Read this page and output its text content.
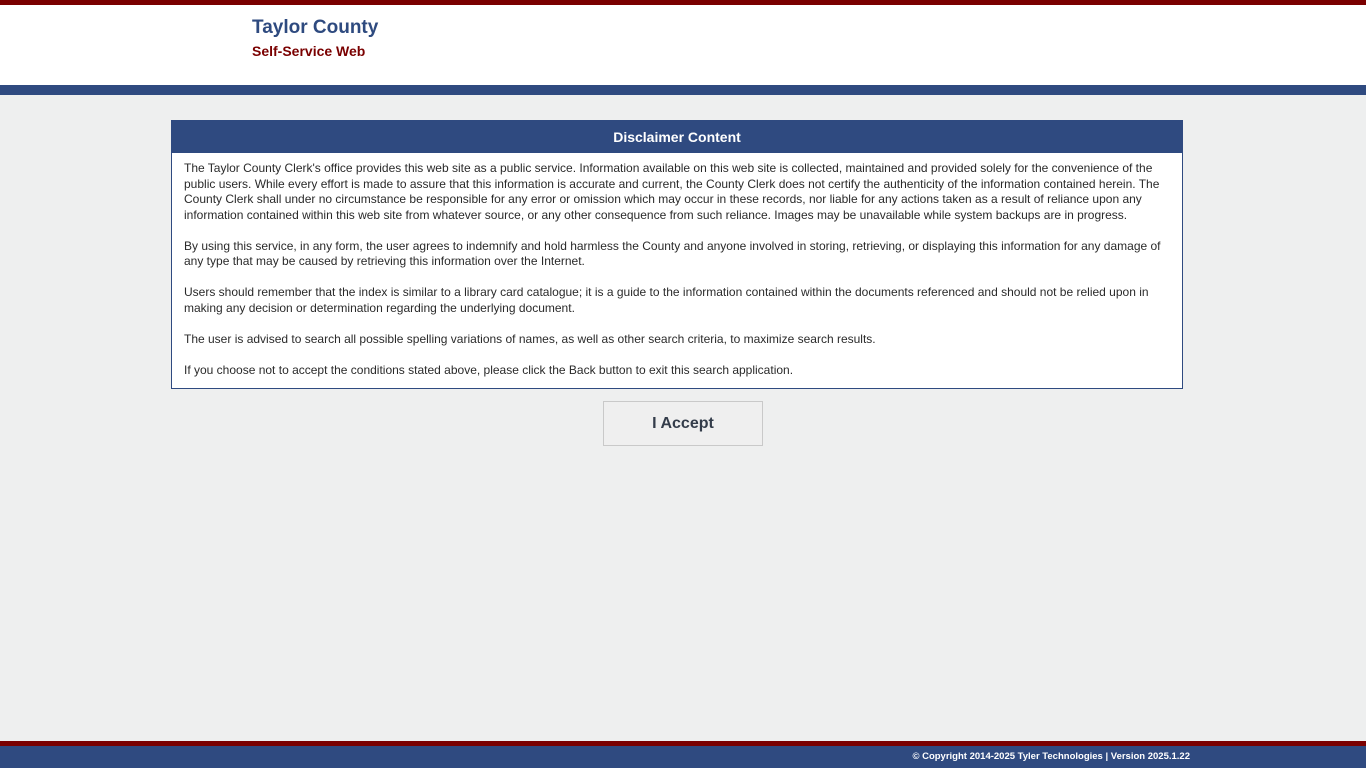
Taylor County
Self-Service Web
Disclaimer Content

The Taylor County Clerk's office provides this web site as a public service. Information available on this web site is collected, maintained and provided solely for the convenience of the public users. While every effort is made to assure that this information is accurate and current, the County Clerk does not certify the authenticity of the information contained herein. The County Clerk shall under no circumstance be responsible for any error or omission which may occur in these records, nor liable for any actions taken as a result of reliance upon any information contained within this web site from whatever source, or any other consequence from such reliance. Images may be unavailable while system backups are in progress.

By using this service, in any form, the user agrees to indemnify and hold harmless the County and anyone involved in storing, retrieving, or displaying this information for any damage of any type that may be caused by retrieving this information over the Internet.

Users should remember that the index is similar to a library card catalogue; it is a guide to the information contained within the documents referenced and should not be relied upon in making any decision or determination regarding the underlying document.

The user is advised to search all possible spelling variations of names, as well as other search criteria, to maximize search results.

If you choose not to accept the conditions stated above, please click the Back button to exit this search application.

I Accept
© Copyright 2014-2025 Tyler Technologies | Version 2025.1.22
